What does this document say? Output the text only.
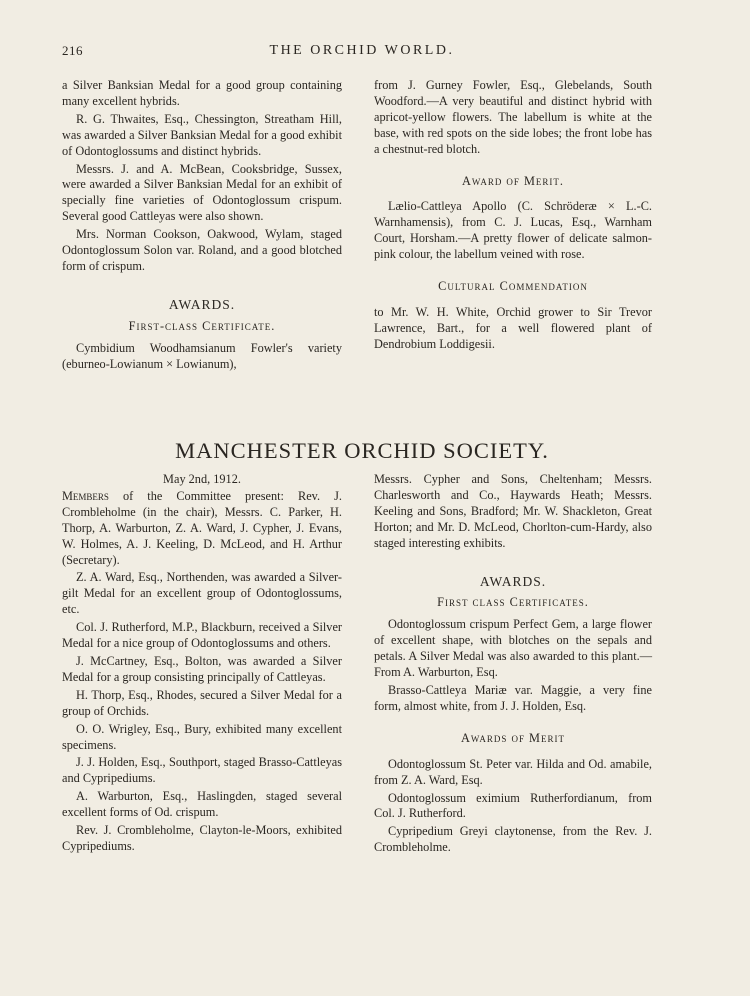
216	THE ORCHID WORLD.

a Silver Banksian Medal for a good group containing many excellent hybrids.

R. G. Thwaites, Esq., Chessington, Streatham Hill, was awarded a Silver Banksian Medal for a good exhibit of Odontoglossums and distinct hybrids.

Messrs. J. and A. McBean, Cooksbridge, Sussex, were awarded a Silver Banksian Medal for an exhibit of specially fine varieties of Odontoglossum crispum. Several good Cattleyas were also shown.

Mrs. Norman Cookson, Oakwood, Wylam, staged Odontoglossum Solon var. Roland, and a good blotched form of crispum.

AWARDS.
First-class Certificate.

Cymbidium Woodhamsianum Fowler's variety (eburneo-Lowianum × Lowianum),

from J. Gurney Fowler, Esq., Glebelands, South Woodford.—A very beautiful and distinct hybrid with apricot-yellow flowers. The labellum is white at the base, with red spots on the side lobes; the front lobe has a chestnut-red blotch.

Award of Merit.

Lælio-Cattleya Apollo (C. Schröderæ × L.-C. Warnhamensis), from C. J. Lucas, Esq., Warnham Court, Horsham.—A pretty flower of delicate salmon-pink colour, the labellum veined with rose.

Cultural Commendation

to Mr. W. H. White, Orchid grower to Sir Trevor Lawrence, Bart., for a well flowered plant of Dendrobium Loddigesii.

MANCHESTER ORCHID SOCIETY.
May 2nd, 1912.

Members of the Committee present: Rev. J. Crombleholme (in the chair), Messrs. C. Parker, H. Thorp, A. Warburton, Z. A. Ward, J. Cypher, J. Evans, W. Holmes, A. J. Keeling, D. McLeod, and H. Arthur (Secretary).

Z. A. Ward, Esq., Northenden, was awarded a Silver-gilt Medal for an excellent group of Odontoglossums, etc.

Col. J. Rutherford, M.P., Blackburn, received a Silver Medal for a nice group of Odontoglossums and others.

J. McCartney, Esq., Bolton, was awarded a Silver Medal for a group consisting principally of Cattleyas.

H. Thorp, Esq., Rhodes, secured a Silver Medal for a group of Orchids.

O. O. Wrigley, Esq., Bury, exhibited many excellent specimens.

J. J. Holden, Esq., Southport, staged Brasso-Cattleyas and Cypripediums.

A. Warburton, Esq., Haslingden, staged several excellent forms of Od. crispum.

Rev. J. Crombleholme, Clayton-le-Moors, exhibited Cypripediums.

Messrs. Cypher and Sons, Cheltenham; Messrs. Charlesworth and Co., Haywards Heath; Messrs. Keeling and Sons, Bradford; Mr. W. Shackleton, Great Horton; and Mr. D. McLeod, Chorlton-cum-Hardy, also staged interesting exhibits.

AWARDS.
First class Certificates.

Odontoglossum crispum Perfect Gem, a large flower of excellent shape, with blotches on the sepals and petals. A Silver Medal was also awarded to this plant.—From A. Warburton, Esq.

Brasso-Cattleya Mariæ var. Maggie, a very fine form, almost white, from J. J. Holden, Esq.

Awards of Merit

Odontoglossum St. Peter var. Hilda and Od. amabile, from Z. A. Ward, Esq.

Odontoglossum eximium Rutherfordianum, from Col. J. Rutherford.

Cypripedium Greyi claytonense, from the Rev. J. Crombleholme.
